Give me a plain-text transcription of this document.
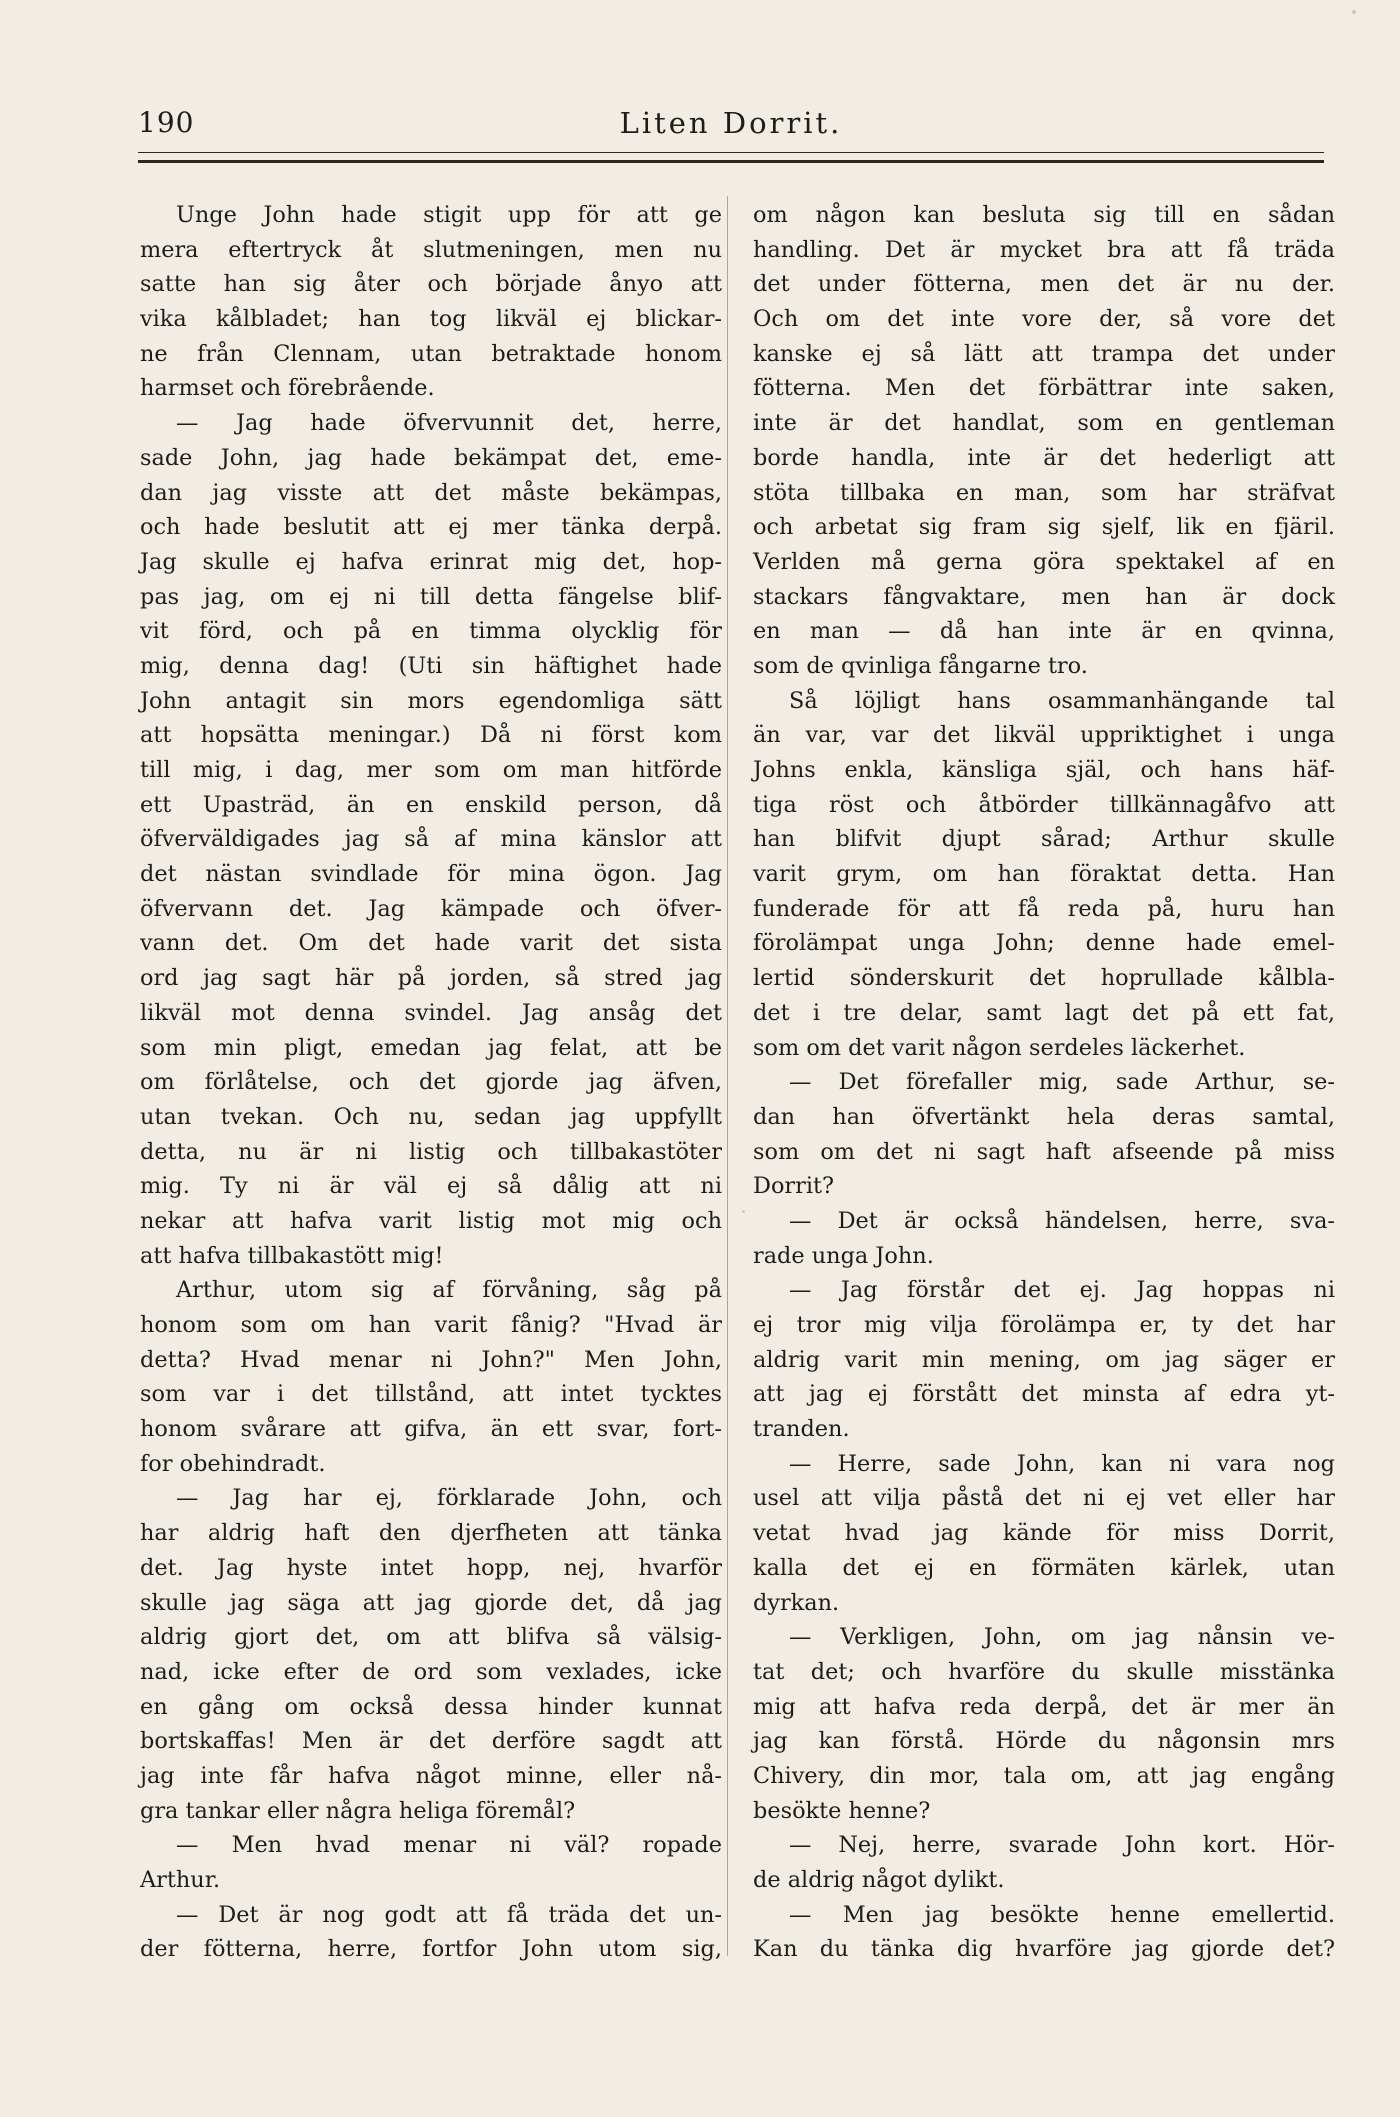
190	Liten Dorrit.
Unge John hade stigit upp för att ge
mera eftertryck åt slutmeningen, men nu
satte han sig åter och började ånyo att
vika kålbladet; han tog likväl ej blickar-
ne från Clennam, utan betraktade honom
harmset och förebrående.
— Jag hade öfvervunnit det, herre,
sade John, jag hade bekämpat det, eme-
dan jag visste att det måste bekämpas,
och hade beslutit att ej mer tänka derpå.
Jag skulle ej hafva erinrat mig det, hop-
pas jag, om ej ni till detta fängelse blif-
vit förd, och på en timma olycklig för
mig, denna dag! (Uti sin häftighet hade
John antagit sin mors egendomliga sätt
att hopsätta meningar.) Då ni först kom
till mig, i dag, mer som om man hitförde
ett Upasträd, än en enskild person, då
öfverväldigades jag så af mina känslor att
det nästan svindlade för mina ögon. Jag
öfvervann det. Jag kämpade och öfver-
vann det. Om det hade varit det sista
ord jag sagt här på jorden, så stred jag
likväl mot denna svindel. Jag ansåg det
som min pligt, emedan jag felat, att be
om förlåtelse, och det gjorde jag äfven,
utan tvekan. Och nu, sedan jag uppfyllt
detta, nu är ni listig och tillbakastöter
mig. Ty ni är väl ej så dålig att ni
nekar att hafva varit listig mot mig och
att hafva tillbakastött mig!
Arthur, utom sig af förvåning, såg på
honom som om han varit fånig? "Hvad är
detta? Hvad menar ni John?" Men John,
som var i det tillstånd, att intet tycktes
honom svårare att gifva, än ett svar, fort-
for obehindradt.
— Jag har ej, förklarade John, och
har aldrig haft den djerfheten att tänka
det. Jag hyste intet hopp, nej, hvarför
skulle jag säga att jag gjorde det, då jag
aldrig gjort det, om att blifva så välsig-
nad, icke efter de ord som vexlades, icke
en gång om också dessa hinder kunnat
bortskaffas! Men är det derföre sagdt att
jag inte får hafva något minne, eller nå-
gra tankar eller några heliga föremål?
— Men hvad menar ni väl? ropade
Arthur.
— Det är nog godt att få träda det un-
der fötterna, herre, fortfor John utom sig,
om någon kan besluta sig till en sådan
handling. Det är mycket bra att få träda
det under fötterna, men det är nu der.
Och om det inte vore der, så vore det
kanske ej så lätt att trampa det under
fötterna. Men det förbättrar inte saken,
inte är det handlat, som en gentleman
borde handla, inte är det hederligt att
stöta tillbaka en man, som har sträfvat
och arbetat sig fram sig sjelf, lik en fjäril.
Verlden må gerna göra spektakel af en
stackars fångvaktare, men han är dock
en man — då han inte är en qvinna,
som de qvinliga fångarne tro.
Så löjligt hans osammanhängande tal
än var, var det likväl uppriktighet i unga
Johns enkla, känsliga själ, och hans häf-
tiga röst och åtbörder tillkännagåfvo att
han blifvit djupt sårad; Arthur skulle
varit grym, om han föraktat detta. Han
funderade för att få reda på, huru han
förolämpat unga John; denne hade emel-
lertid sönderskurit det hoprullade kålbla-
det i tre delar, samt lagt det på ett fat,
som om det varit någon serdeles läckerhet.
— Det förefaller mig, sade Arthur, se-
dan han öfvertänkt hela deras samtal,
som om det ni sagt haft afseende på miss
Dorrit?
— Det är också händelsen, herre, sva-
rade unga John.
— Jag förstår det ej. Jag hoppas ni
ej tror mig vilja förolämpa er, ty det har
aldrig varit min mening, om jag säger er
att jag ej förstått det minsta af edra yt-
tranden.
— Herre, sade John, kan ni vara nog
usel att vilja påstå det ni ej vet eller har
vetat hvad jag kände för miss Dorrit,
kalla det ej en förmäten kärlek, utan
dyrkan.
— Verkligen, John, om jag nånsin ve-
tat det; och hvarföre du skulle misstänka
mig att hafva reda derpå, det är mer än
jag kan förstå. Hörde du någonsin mrs
Chivery, din mor, tala om, att jag engång
besökte henne?
— Nej, herre, svarade John kort. Hör-
de aldrig något dylikt.
— Men jag besökte henne emellertid.
Kan du tänka dig hvarföre jag gjorde det?
